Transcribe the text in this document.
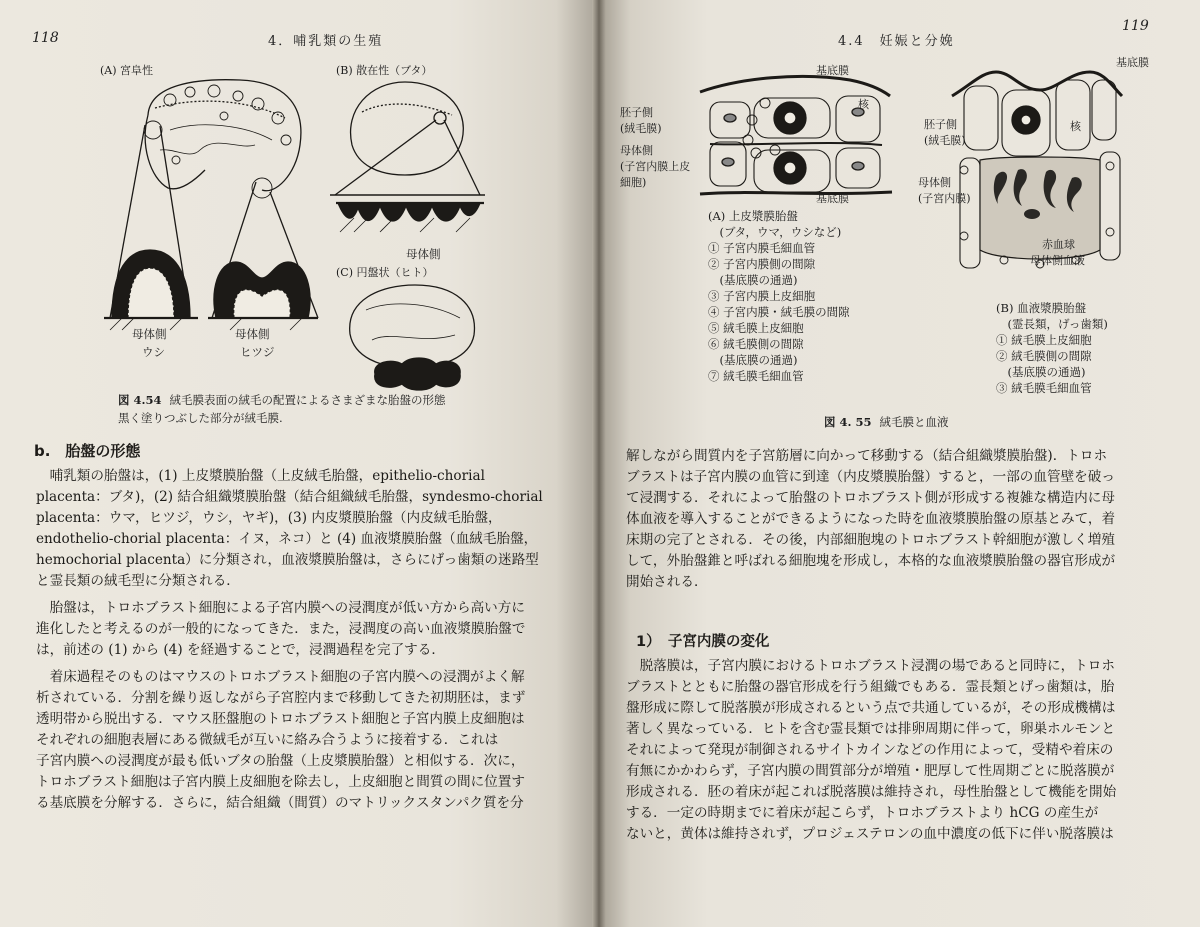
118	4．哺乳類の生殖
(A) 宮阜性	(B) 散在性（ブタ）
(C) 円盤状（ヒト）
母体側
母体側	母体側
ウシ	ヒツジ
図 4.54 絨毛膜表面の絨毛の配置によるさまざまな胎盤の形態
黒く塗りつぶした部分が絨毛膜.
b.　胎盤の形態
　哺乳類の胎盤は，(1) 上皮漿膜胎盤（上皮絨毛胎盤，epithelio-chorial
placenta：ブタ)，(2) 結合組織漿膜胎盤（結合組織絨毛胎盤，syndesmo-chorial
placenta：ウマ，ヒツジ，ウシ，ヤギ)，(3) 内皮漿膜胎盤（内皮絨毛胎盤，
endothelio-chorial placenta：イヌ，ネコ）と (4) 血液漿膜胎盤（血絨毛胎盤，
hemochorial placenta）に分類され，血液漿膜胎盤は，さらにげっ歯類の迷路型
と霊長類の絨毛型に分類される．
　胎盤は，トロホブラスト細胞による子宮内膜への浸潤度が低い方から高い方に
進化したと考えるのが一般的になってきた．また，浸潤度の高い血液漿膜胎盤で
は，前述の (1) から (4) を経過することで，浸潤過程を完了する．
　着床過程そのものはマウスのトロホブラスト細胞の子宮内膜への浸潤がよく解
析されている．分割を繰り返しながら子宮腔内まで移動してきた初期胚は，まず
透明帯から脱出する．マウス胚盤胞のトロホブラスト細胞と子宮内膜上皮細胞は
それぞれの細胞表層にある微絨毛が互いに絡み合うように接着する．これは
子宮内膜への浸潤度が最も低いブタの胎盤（上皮漿膜胎盤）と相似する．次に，
トロホブラスト細胞は子宮内膜上皮細胞を除去し，上皮細胞と間質の間に位置す
る基底膜を分解する．さらに，結合組織（間質）のマトリックスタンパク質を分
4.4　妊娠と分娩
119
基底膜
基底膜
核
胚子側
(絨毛膜)
母体側
(子宮内膜上皮
細胞)
基底膜
核
胚子側
(絨毛膜)
母体側
(子宮内膜)
赤血球
母体側血液
(A) 上皮漿膜胎盤
　(ブタ，ウマ，ウシなど)
① 子宮内膜毛細血管
② 子宮内膜側の間隙
　(基底膜の通過)
③ 子宮内膜上皮細胞
④ 子宮内膜・絨毛膜の間隙
⑤ 絨毛膜上皮細胞
⑥ 絨毛膜側の間隙
　(基底膜の通過)
⑦ 絨毛膜毛細血管
(B) 血液漿膜胎盤
　(霊長類，げっ歯類)
① 絨毛膜上皮細胞
② 絨毛膜側の間隙
　(基底膜の通過)
③ 絨毛膜毛細血管
図 4. 55 絨毛膜と血液
解しながら間質内を子宮筋層に向かって移動する（結合組織漿膜胎盤)．トロホ
ブラストは子宮内膜の血管に到達（内皮漿膜胎盤）すると，一部の血管壁を破っ
て浸潤する．それによって胎盤のトロホブラスト側が形成する複雑な構造内に母
体血液を導入することができるようになった時を血液漿膜胎盤の原基とみて，着
床期の完了とされる．その後，内部細胞塊のトロホブラスト幹細胞が激しく増殖
して，外胎盤錐と呼ばれる細胞塊を形成し，本格的な血液漿膜胎盤の器官形成が
開始される．
1）　子宮内膜の変化
　脱落膜は，子宮内膜におけるトロホブラスト浸潤の場であると同時に，トロホ
ブラストとともに胎盤の器官形成を行う組織でもある．霊長類とげっ歯類は，胎
盤形成に際して脱落膜が形成されるという点で共通しているが，その形成機構は
著しく異なっている．ヒトを含む霊長類では排卵周期に伴って，卵巣ホルモンと
それによって発現が制御されるサイトカインなどの作用によって，受精や着床の
有無にかかわらず，子宮内膜の間質部分が増殖・肥厚して性周期ごとに脱落膜が
形成される．胚の着床が起これば脱落膜は維持され，母性胎盤として機能を開始
する．一定の時期までに着床が起こらず，トロホブラストより hCG の産生が
ないと，黄体は維持されず，プロジェステロンの血中濃度の低下に伴い脱落膜は
